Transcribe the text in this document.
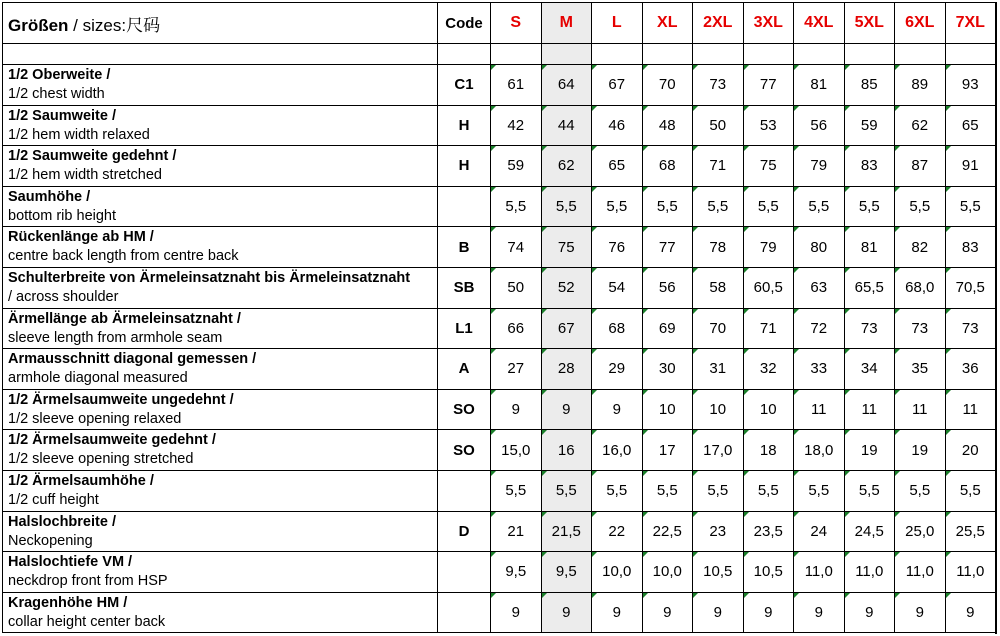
Größen / sizes:尺码	Code	S	M	L	XL	2XL	3XL	4XL	5XL	6XL	7XL

1/2 Oberweite /
1/2 chest width	C1	61	64	67	70	73	77	81	85	89	93

1/2 Saumweite /
1/2 hem width relaxed	H	42	44	46	48	50	53	56	59	62	65

1/2 Saumweite gedehnt /
1/2 hem width stretched	H	59	62	65	68	71	75	79	83	87	91

Saumhöhe /
bottom rib height		5,5	5,5	5,5	5,5	5,5	5,5	5,5	5,5	5,5	5,5

Rückenlänge ab HM /
centre back length from centre back	B	74	75	76	77	78	79	80	81	82	83

Schulterbreite von Ärmeleinsatznaht bis Ärmeleinsatznaht
/ across shoulder	SB	50	52	54	56	58	60,5	63	65,5	68,0	70,5

Ärmellänge ab Ärmeleinsatznaht /
sleeve length from armhole seam	L1	66	67	68	69	70	71	72	73	73	73

Armausschnitt diagonal gemessen /
armhole diagonal measured	A	27	28	29	30	31	32	33	34	35	36

1/2 Ärmelsaumweite ungedehnt /
1/2 sleeve opening relaxed	SO	9	9	9	10	10	10	11	11	11	11

1/2 Ärmelsaumweite gedehnt /
1/2 sleeve opening stretched	SO	15,0	16	16,0	17	17,0	18	18,0	19	19	20

1/2 Ärmelsaumhöhe /
1/2 cuff height		5,5	5,5	5,5	5,5	5,5	5,5	5,5	5,5	5,5	5,5

Halslochbreite /
Neckopening	D	21	21,5	22	22,5	23	23,5	24	24,5	25,0	25,5

Halslochtiefe VM /
neckdrop front from HSP		9,5	9,5	10,0	10,0	10,5	10,5	11,0	11,0	11,0	11,0

Kragenhöhe HM /
collar height center back		9	9	9	9	9	9	9	9	9	9
